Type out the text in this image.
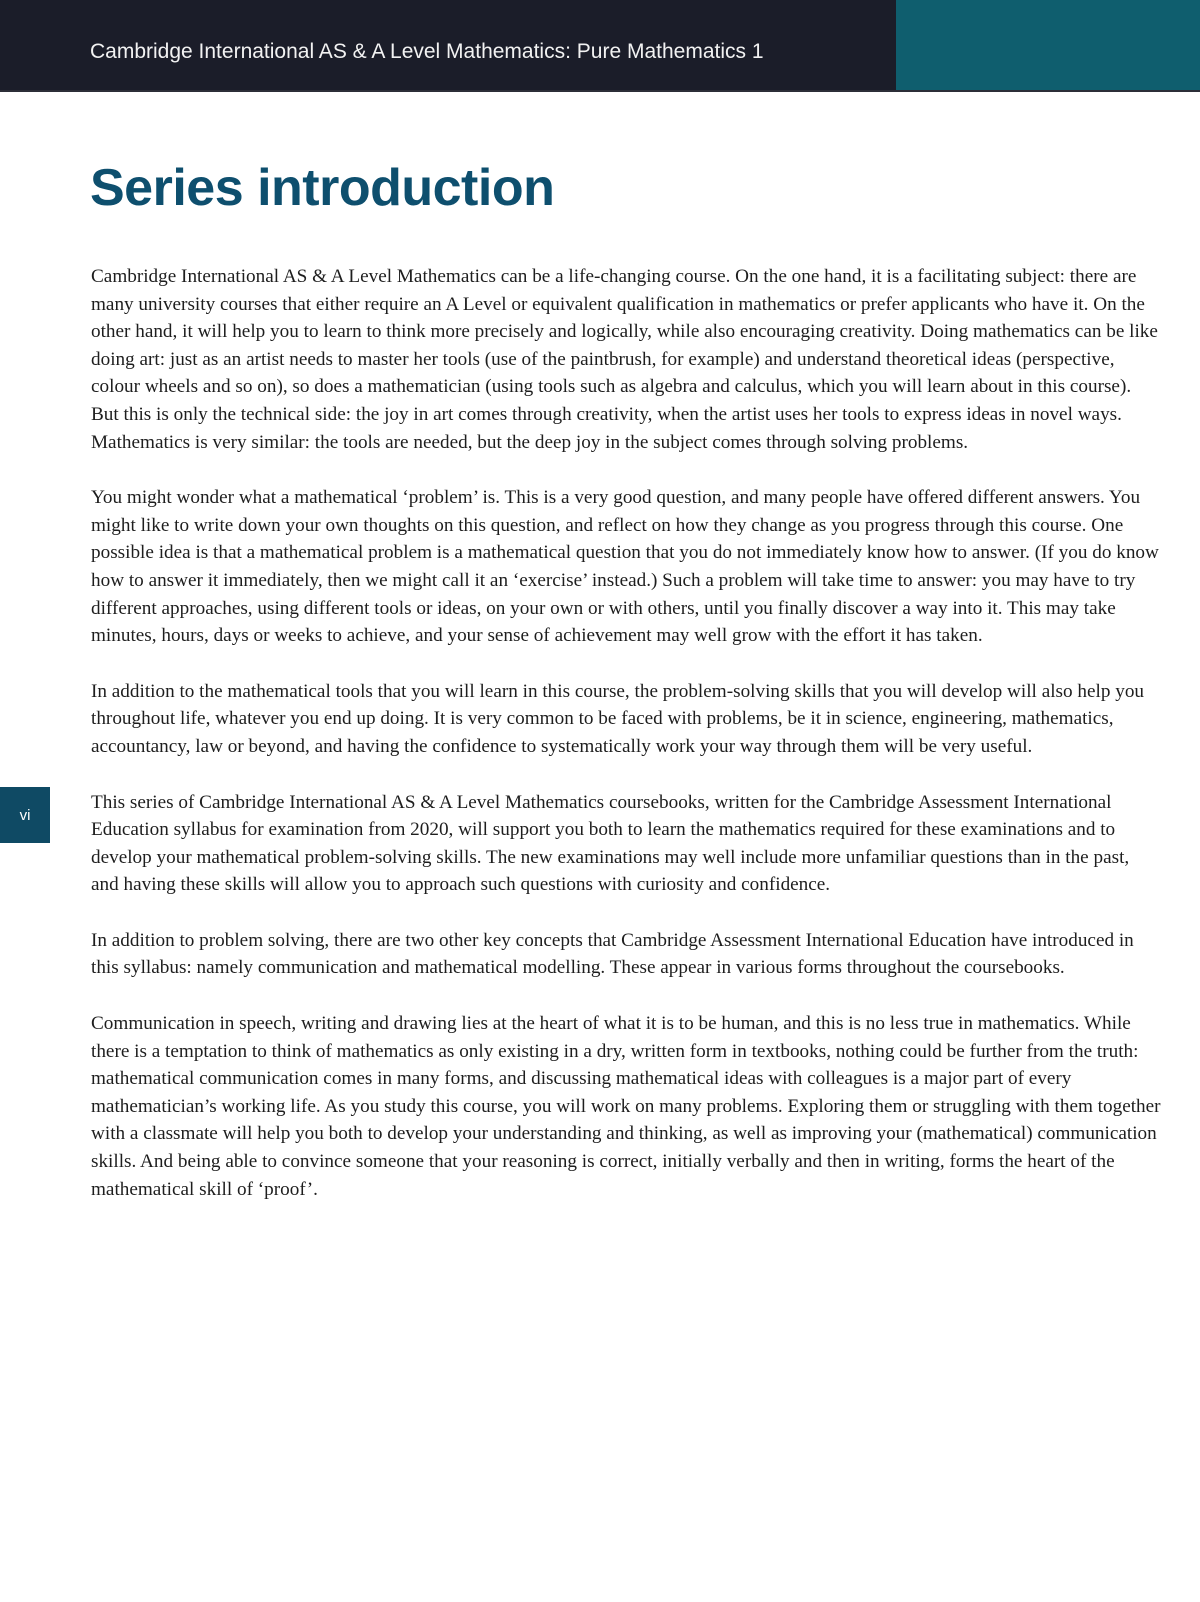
Cambridge International AS & A Level Mathematics: Pure Mathematics 1
Series introduction
vi

Cambridge International AS & A Level Mathematics can be a life-changing course. On the one hand, it is a facilitating subject: there are many university courses that either require an A Level or equivalent qualification in mathematics or prefer applicants who have it. On the other hand, it will help you to learn to think more precisely and logically, while also encouraging creativity. Doing mathematics can be like doing art: just as an artist needs to master her tools (use of the paintbrush, for example) and understand theoretical ideas (perspective, colour wheels and so on), so does a mathematician (using tools such as algebra and calculus, which you will learn about in this course). But this is only the technical side: the joy in art comes through creativity, when the artist uses her tools to express ideas in novel ways. Mathematics is very similar: the tools are needed, but the deep joy in the subject comes through solving problems.

You might wonder what a mathematical ‘problem’ is. This is a very good question, and many people have offered different answers. You might like to write down your own thoughts on this question, and reflect on how they change as you progress through this course. One possible idea is that a mathematical problem is a mathematical question that you do not immediately know how to answer. (If you do know how to answer it immediately, then we might call it an ‘exercise’ instead.) Such a problem will take time to answer: you may have to try different approaches, using different tools or ideas, on your own or with others, until you finally discover a way into it. This may take minutes, hours, days or weeks to achieve, and your sense of achievement may well grow with the effort it has taken.

In addition to the mathematical tools that you will learn in this course, the problem-solving skills that you will develop will also help you throughout life, whatever you end up doing. It is very common to be faced with problems, be it in science, engineering, mathematics, accountancy, law or beyond, and having the confidence to systematically work your way through them will be very useful.

This series of Cambridge International AS & A Level Mathematics coursebooks, written for the Cambridge Assessment International Education syllabus for examination from 2020, will support you both to learn the mathematics required for these examinations and to develop your mathematical problem-solving skills. The new examinations may well include more unfamiliar questions than in the past, and having these skills will allow you to approach such questions with curiosity and confidence.

In addition to problem solving, there are two other key concepts that Cambridge Assessment International Education have introduced in this syllabus: namely communication and mathematical modelling. These appear in various forms throughout the coursebooks.

Communication in speech, writing and drawing lies at the heart of what it is to be human, and this is no less true in mathematics. While there is a temptation to think of mathematics as only existing in a dry, written form in textbooks, nothing could be further from the truth: mathematical communication comes in many forms, and discussing mathematical ideas with colleagues is a major part of every mathematician’s working life. As you study this course, you will work on many problems. Exploring them or struggling with them together with a classmate will help you both to develop your understanding and thinking, as well as improving your (mathematical) communication skills. And being able to convince someone that your reasoning is correct, initially verbally and then in writing, forms the heart of the mathematical skill of ‘proof’.
